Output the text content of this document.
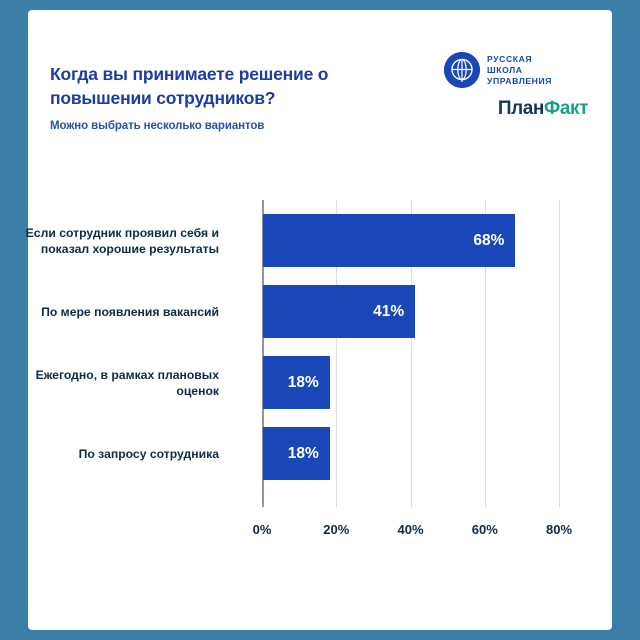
Когда вы принимаете решение о повышении сотрудников?
Можно выбрать несколько вариантов
РУССКАЯ
ШКОЛА
УПРАВЛЕНИЯ
ПланФакт
0%	20%	40%	60%	80%
68%
Если сотрудник проявил себя и показал хорошие результаты
41%
По мере появления вакансий
18%
Ежегодно, в рамках плановых оценок
18%
По запросу сотрудника
